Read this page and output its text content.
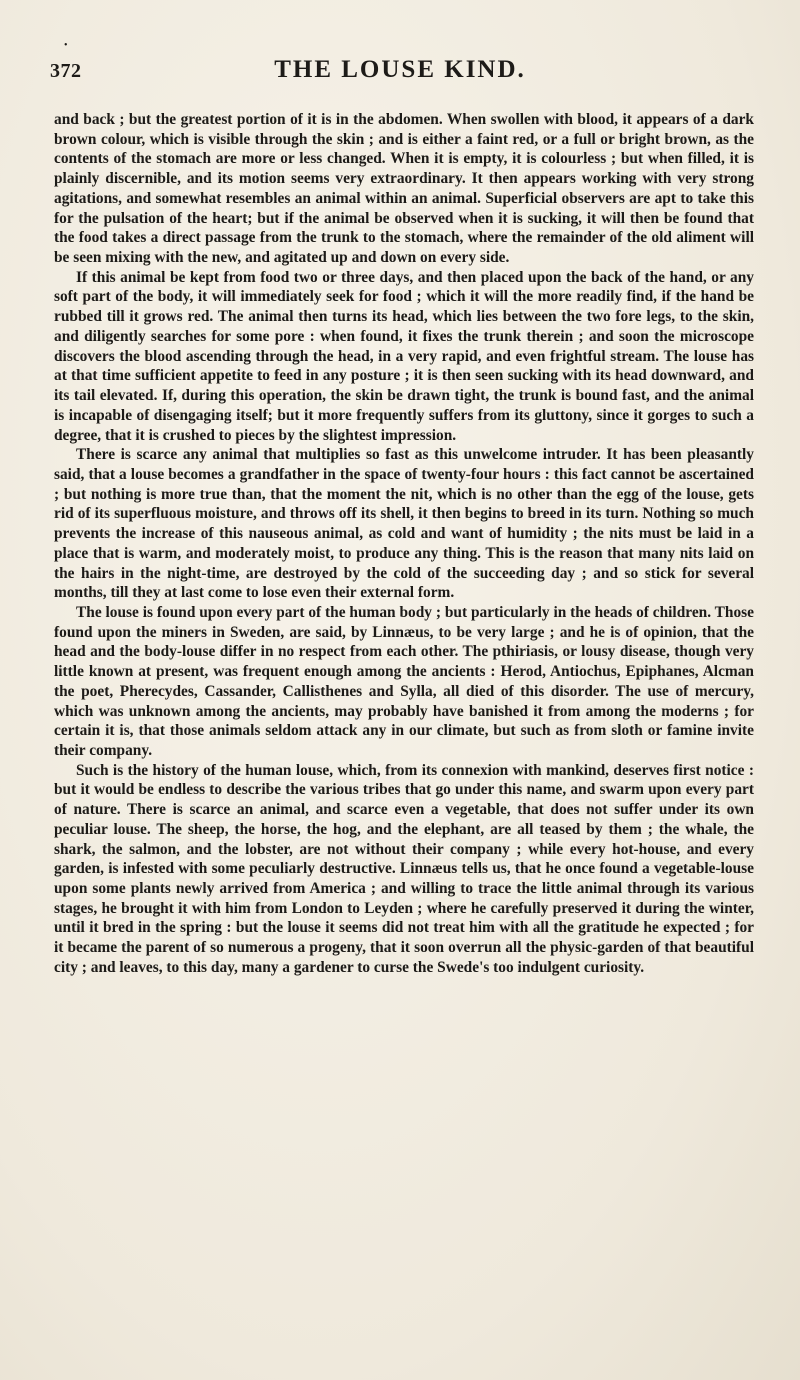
•
372	THE LOUSE KIND.

and back ; but the greatest portion of it is in the abdomen. When swollen with blood, it appears of a dark brown colour, which is visible through the skin ; and is either a faint red, or a full or bright brown, as the contents of the stomach are more or less changed. When it is empty, it is colourless ; but when filled, it is plainly discernible, and its motion seems very extraordinary. It then appears working with very strong agitations, and somewhat resembles an animal within an animal. Superficial observers are apt to take this for the pulsation of the heart; but if the animal be observed when it is sucking, it will then be found that the food takes a direct passage from the trunk to the stomach, where the remainder of the old aliment will be seen mixing with the new, and agitated up and down on every side.

If this animal be kept from food two or three days, and then placed upon the back of the hand, or any soft part of the body, it will immediately seek for food ; which it will the more readily find, if the hand be rubbed till it grows red. The animal then turns its head, which lies between the two fore legs, to the skin, and diligently searches for some pore : when found, it fixes the trunk therein ; and soon the microscope discovers the blood ascending through the head, in a very rapid, and even frightful stream. The louse has at that time sufficient appetite to feed in any posture ; it is then seen sucking with its head downward, and its tail elevated. If, during this operation, the skin be drawn tight, the trunk is bound fast, and the animal is incapable of disengaging itself; but it more frequently suffers from its gluttony, since it gorges to such a degree, that it is crushed to pieces by the slightest impression.

There is scarce any animal that multiplies so fast as this unwelcome intruder. It has been pleasantly said, that a louse becomes a grandfather in the space of twenty-four hours : this fact cannot be ascertained ; but nothing is more true than, that the moment the nit, which is no other than the egg of the louse, gets rid of its superfluous moisture, and throws off its shell, it then begins to breed in its turn. Nothing so much prevents the increase of this nauseous animal, as cold and want of humidity ; the nits must be laid in a place that is warm, and moderately moist, to produce any thing. This is the reason that many nits laid on the hairs in the night-time, are destroyed by the cold of the succeeding day ; and so stick for several months, till they at last come to lose even their external form.

The louse is found upon every part of the human body ; but particularly in the heads of children. Those found upon the miners in Sweden, are said, by Linnæus, to be very large ; and he is of opinion, that the head and the body-louse differ in no respect from each other. The pthiriasis, or lousy disease, though very little known at present, was frequent enough among the ancients : Herod, Antiochus, Epiphanes, Alcman the poet, Pherecydes, Cassander, Callisthenes and Sylla, all died of this disorder. The use of mercury, which was unknown among the ancients, may probably have banished it from among the moderns ; for certain it is, that those animals seldom attack any in our climate, but such as from sloth or famine invite their company.

Such is the history of the human louse, which, from its connexion with mankind, deserves first notice : but it would be endless to describe the various tribes that go under this name, and swarm upon every part of nature. There is scarce an animal, and scarce even a vegetable, that does not suffer under its own peculiar louse. The sheep, the horse, the hog, and the elephant, are all teased by them ; the whale, the shark, the salmon, and the lobster, are not without their company ; while every hot-house, and every garden, is infested with some peculiarly destructive. Linnæus tells us, that he once found a vegetable-louse upon some plants newly arrived from America ; and willing to trace the little animal through its various stages, he brought it with him from London to Leyden ; where he carefully preserved it during the winter, until it bred in the spring : but the louse it seems did not treat him with all the gratitude he expected ; for it became the parent of so numerous a progeny, that it soon overrun all the physic-garden of that beautiful city ; and leaves, to this day, many a gardener to curse the Swede's too indulgent curiosity.
